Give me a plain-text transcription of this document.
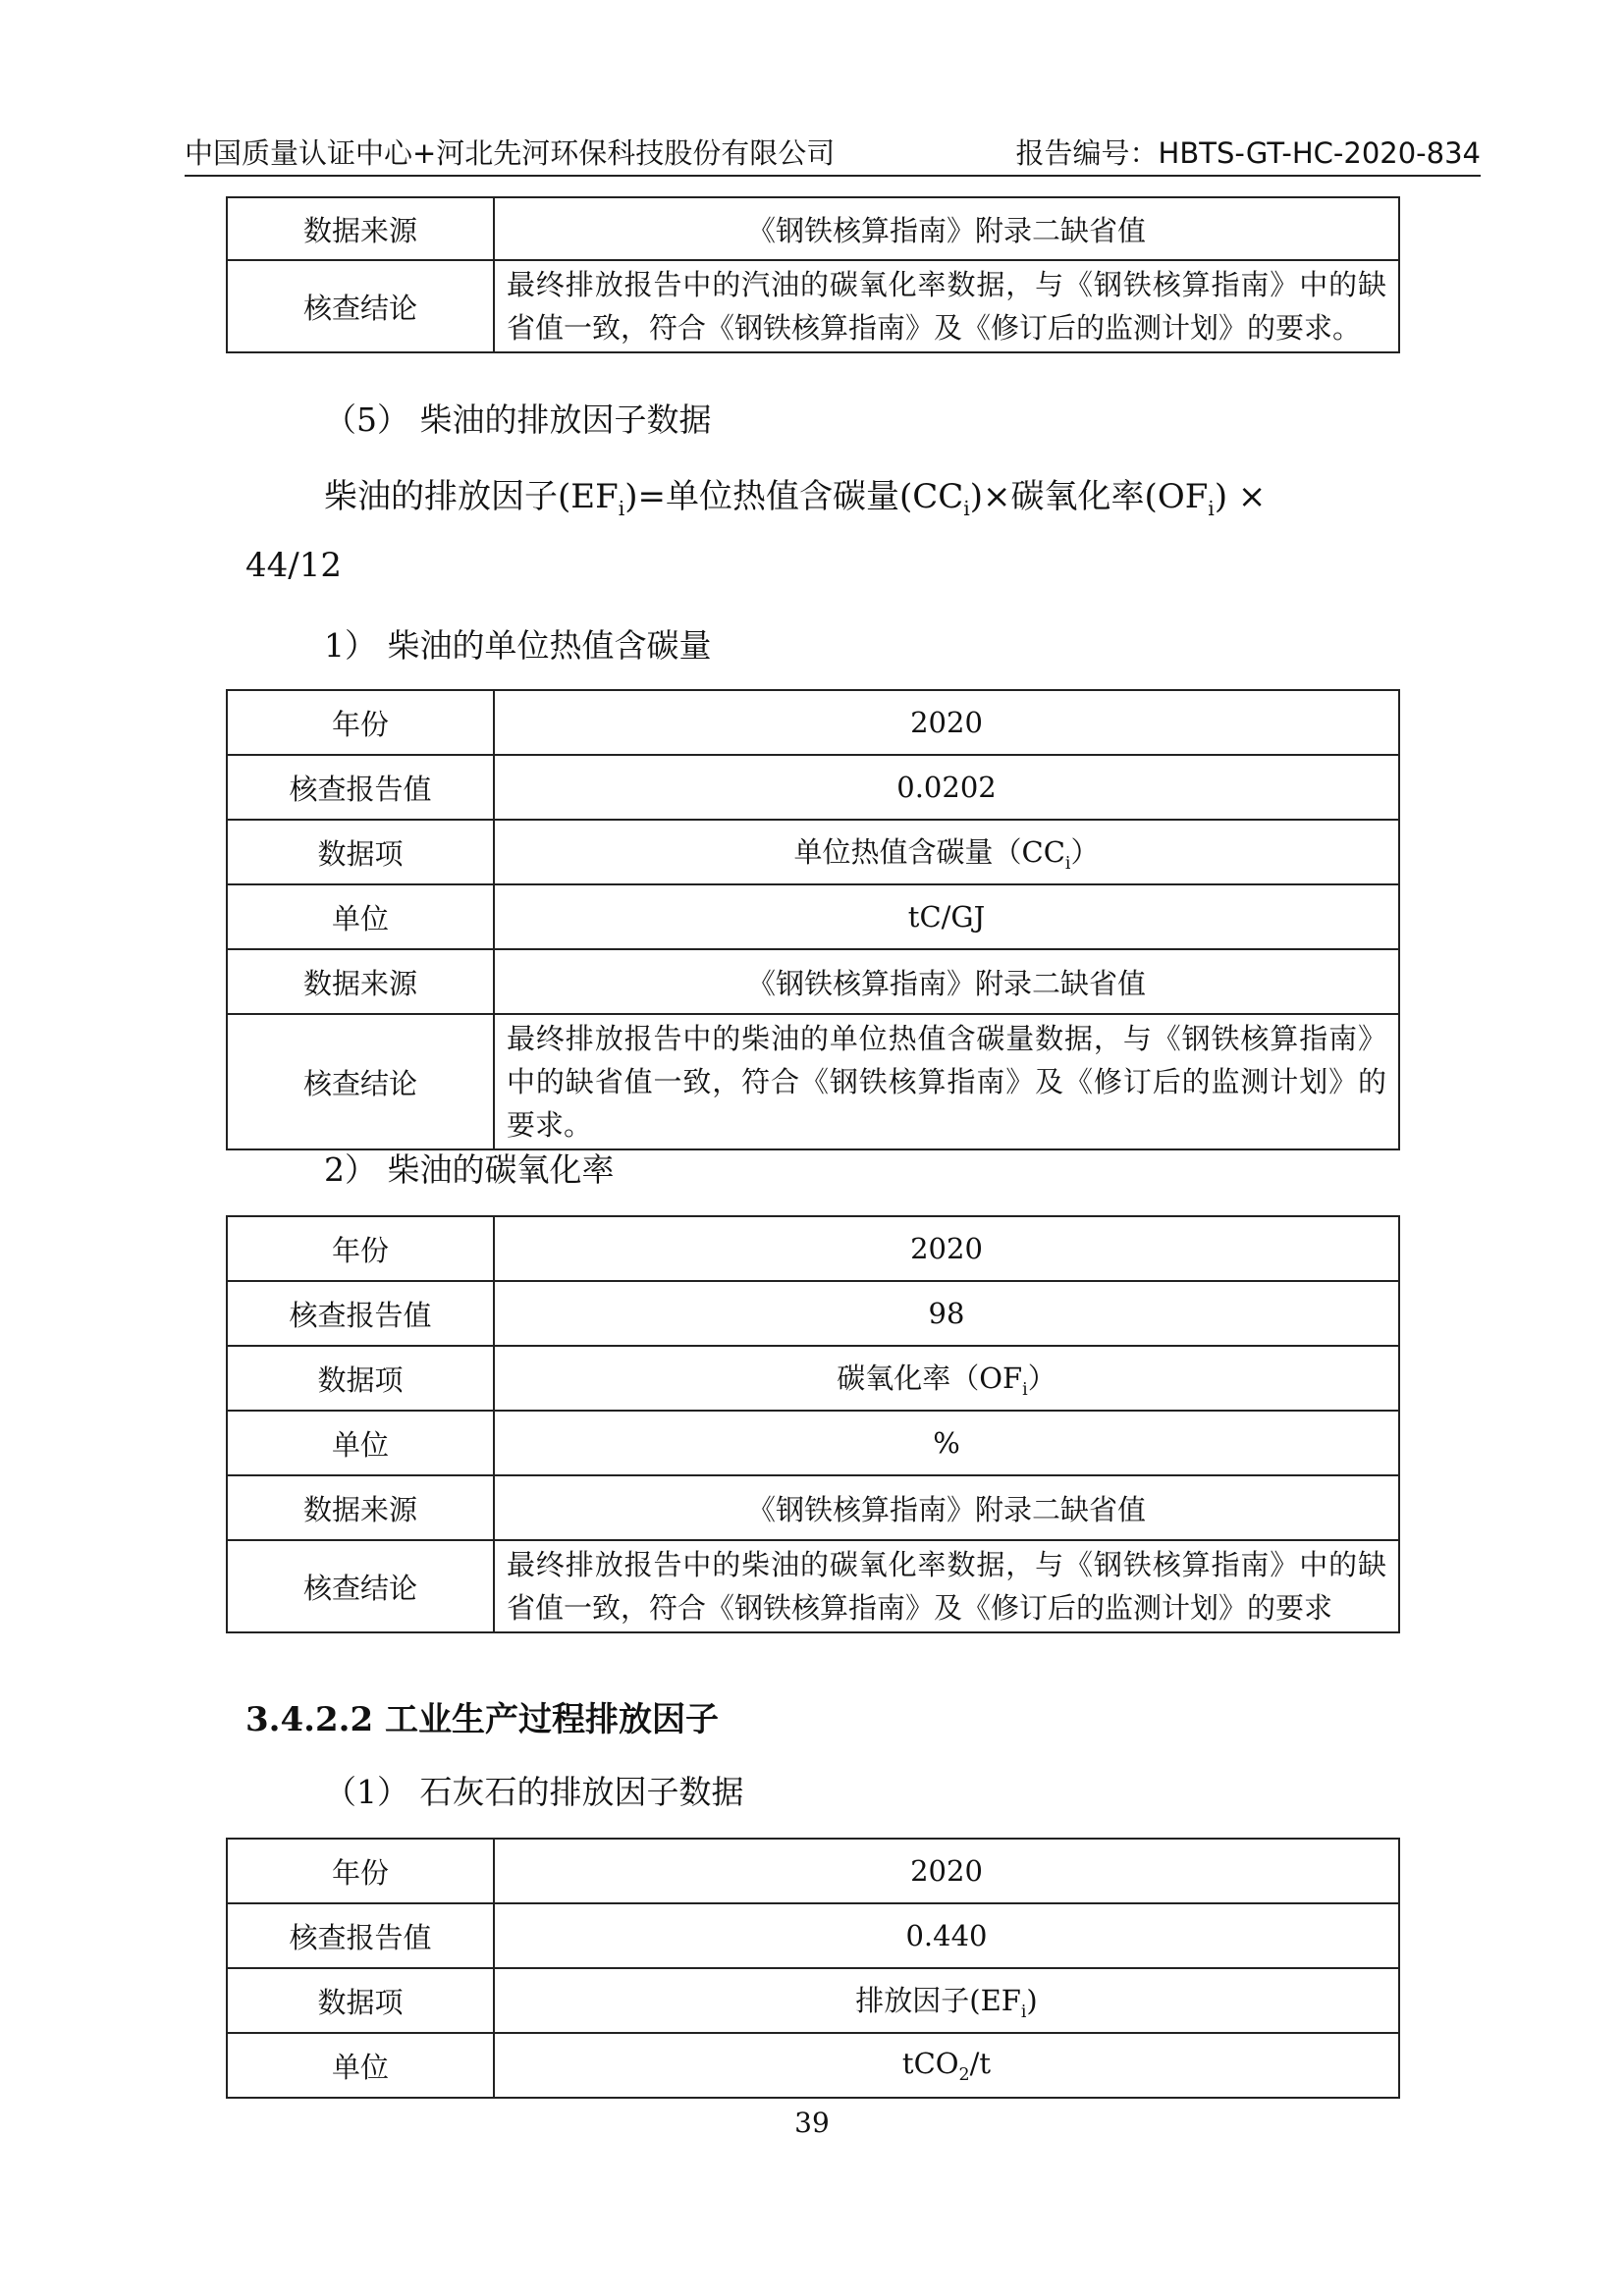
中国质量认证中心+河北先河环保科技股份有限公司	报告编号：HBTS-GT-HC-2020-834
数据来源	《钢铁核算指南》附录二缺省值
核查结论	最终排放报告中的汽油的碳氧化率数据，与《钢铁核算指南》中的缺省值一致，符合《钢铁核算指南》及《修订后的监测计划》的要求。
（5） 柴油的排放因子数据
柴油的排放因子$(EF_i)=$单位热值含碳量$(CC_i)\times$碳氧化率$(OF_i)$ ×
44/12
1） 柴油的单位热值含碳量
年份	2020
核查报告值	0.0202
数据项	单位热值含碳量$(CC_i)$
单位	tC/GJ
数据来源	《钢铁核算指南》附录二缺省值
核查结论	最终排放报告中的柴油的单位热值含碳量数据，与《钢铁核算指南》中的缺省值一致，符合《钢铁核算指南》及《修订后的监测计划》的要求。
2） 柴油的碳氧化率
年份	2020
核查报告值	98
数据项	碳氧化率$(OF_i)$
单位	%
数据来源	《钢铁核算指南》附录二缺省值
核查结论	最终排放报告中的柴油的碳氧化率数据，与《钢铁核算指南》中的缺省值一致，符合《钢铁核算指南》及《修订后的监测计划》的要求
3.4.2.2 工业生产过程排放因子
（1） 石灰石的排放因子数据
年份	2020
核查报告值	0.440
数据项	排放因子$(EF_i)$
单位	tCO$_2$/t
39
